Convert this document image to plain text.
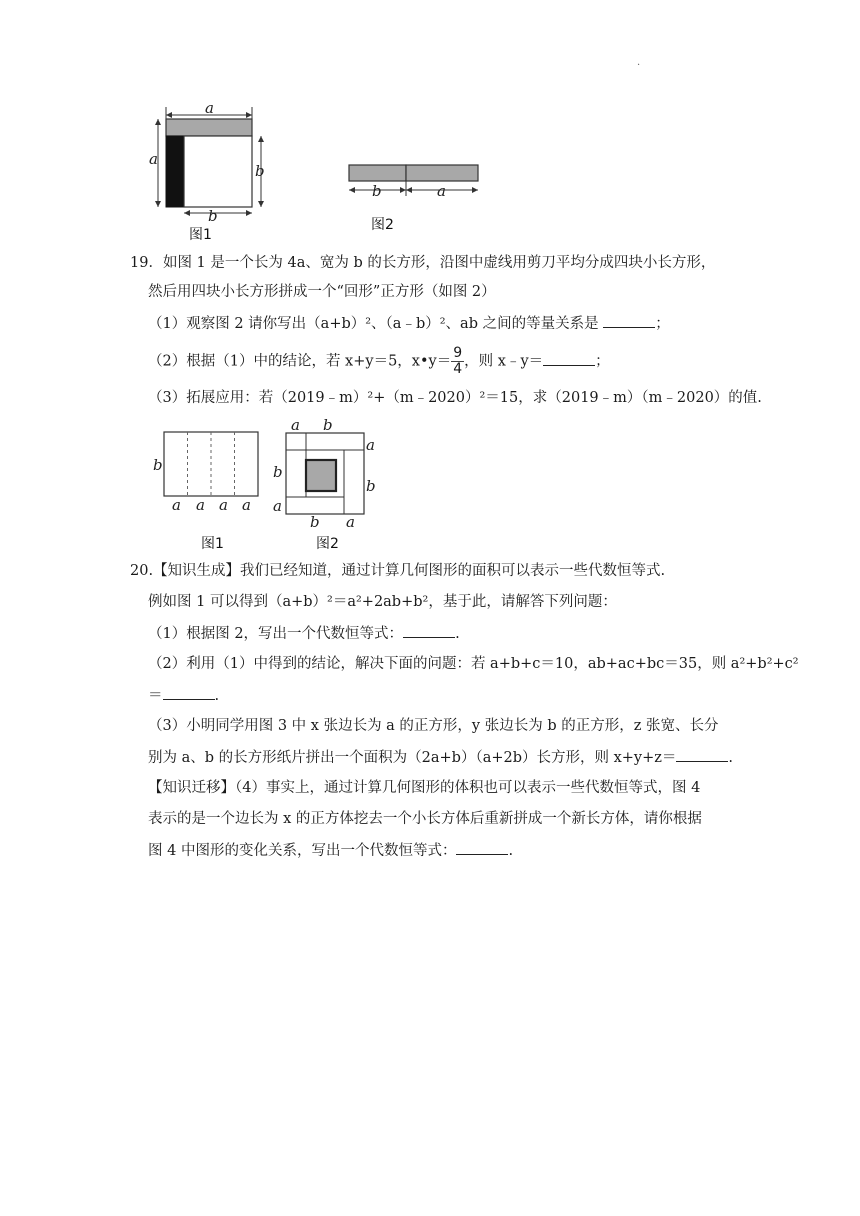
·
a
a
b
b
图1
b	a
图2
19．如图 1 是一个长为 4a、宽为 b 的长方形，沿图中虚线用剪刀平均分成四块小长方形，
然后用四块小长方形拼成一个“回形”正方形（如图 2）
（1）观察图 2 请你写出（a+b）²、（a﹣b）²、ab 之间的等量关系是	；
（2）根据（1）中的结论，若 x+y＝5，x•y＝ $\frac{9}{4}$ ，则 x﹣y＝	；
（3）拓展应用：若（2019﹣m）²+（m﹣2020）²＝15，求（2019﹣m）（m﹣2020）的值.
b
a a a a
图1
a b
a
b
b
a
b a
图2
20.【知识生成】我们已经知道，通过计算几何图形的面积可以表示一些代数恒等式.
例如图 1 可以得到（a+b）²＝a²+2ab+b²，基于此，请解答下列问题：
（1）根据图 2，写出一个代数恒等式：	.
（2）利用（1）中得到的结论，解决下面的问题：若 a+b+c＝10，ab+ac+bc＝35，则 a²+b²+c²
＝	.
（3）小明同学用图 3 中 x 张边长为 a 的正方形，y 张边长为 b 的正方形，z 张宽、长分
别为 a、b 的长方形纸片拼出一个面积为（2a+b）（a+2b）长方形，则 x+y+z＝	.
【知识迁移】（4）事实上，通过计算几何图形的体积也可以表示一些代数恒等式，图 4
表示的是一个边长为 x 的正方体挖去一个小长方体后重新拼成一个新长方体，请你根据
图 4 中图形的变化关系，写出一个代数恒等式：	.
